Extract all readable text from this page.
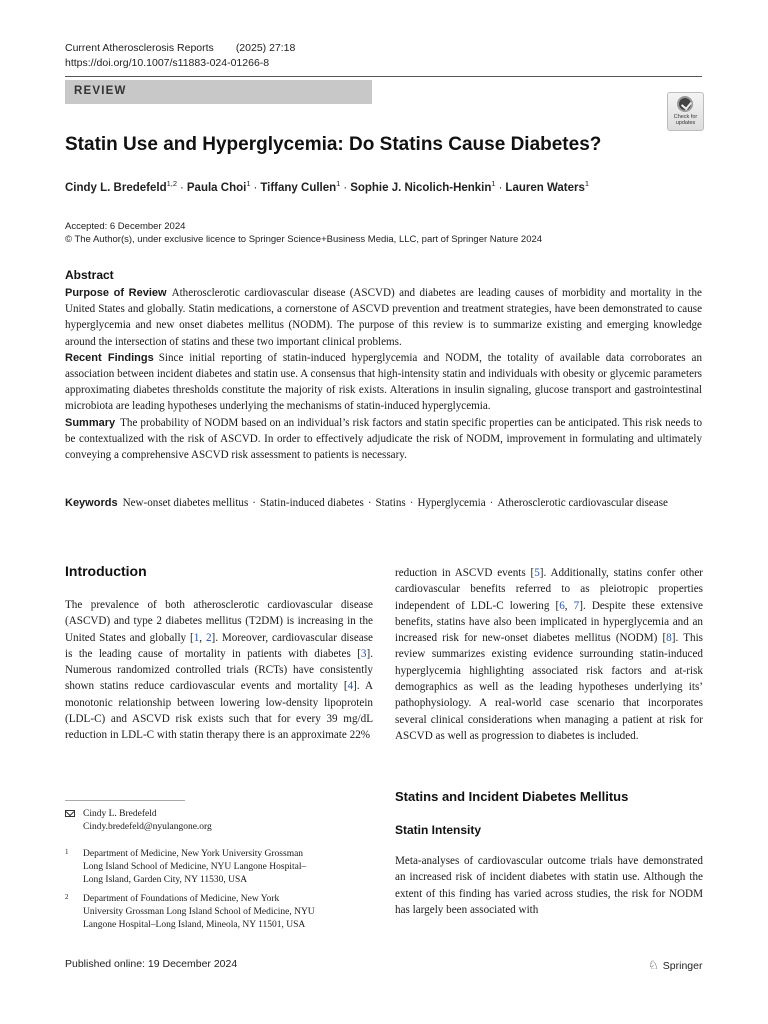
Current Atherosclerosis Reports (2025) 27:18
https://doi.org/10.1007/s11883-024-01266-8
REVIEW
Check for
updates
Statin Use and Hyperglycemia: Do Statins Cause Diabetes?
Cindy L. Bredefeld$^{1,2}$ · Paula Choi$^1$ · Tiffany Cullen$^1$ · Sophie J. Nicolich-Henkin$^1$ · Lauren Waters$^1$
Accepted: 6 December 2024
© The Author(s), under exclusive licence to Springer Science+Business Media, LLC, part of Springer Nature 2024
Abstract

Purpose of Review Atherosclerotic cardiovascular disease (ASCVD) and diabetes are leading causes of morbidity and mortality in the United States and globally. Statin medications, a cornerstone of ASCVD prevention and treatment strategies, have been demonstrated to cause hyperglycemia and new onset diabetes mellitus (NODM). The purpose of this review is to summarize existing and emerging knowledge around the intersection of statins and these two important clinical problems.

Recent Findings Since initial reporting of statin-induced hyperglycemia and NODM, the totality of available data corroborates an association between incident diabetes and statin use. A consensus that high-intensity statin and individuals with obesity or glycemic parameters approximating diabetes thresholds constitute the majority of risk exists. Alterations in insulin signaling, glucose transport and gastrointestinal microbiota are leading hypotheses underlying the mechanisms of statin-induced hyperglycemia.

Summary The probability of NODM based on an individual’s risk factors and statin specific properties can be anticipated. This risk needs to be contextualized with the risk of ASCVD. In order to effectively adjudicate the risk of NODM, improvement in formulating and ultimately conveying a comprehensive ASCVD risk assessment to patients is necessary.

Keywords New-onset diabetes mellitus · Statin-induced diabetes · Statins · Hyperglycemia · Atherosclerotic cardiovascular disease
Introduction

The prevalence of both atherosclerotic cardiovascular disease (ASCVD) and type 2 diabetes mellitus (T2DM) is increasing in the United States and globally [1, 2]. Moreover, cardiovascular disease is the leading cause of mortality in patients with diabetes [3]. Numerous randomized controlled trials (RCTs) have consistently shown statins reduce cardiovascular events and mortality [4]. A monotonic relationship between lowering low-density lipoprotein (LDL-C) and ASCVD risk exists such that for every 39 mg/dL reduction in LDL-C with statin therapy there is an approximate 22%

Cindy L. Bredefeld
Cindy.bredefeld@nyulangone.org
1 Department of Medicine, New York University Grossman
Long Island School of Medicine, NYU Langone Hospital–
Long Island, Garden City, NY 11530, USA
2 Department of Foundations of Medicine, New York
University Grossman Long Island School of Medicine, NYU
Langone Hospital–Long Island, Mineola, NY 11501, USA

reduction in ASCVD events [5]. Additionally, statins confer other cardiovascular benefits referred to as pleiotropic properties independent of LDL-C lowering [6, 7]. Despite these extensive benefits, statins have also been implicated in hyperglycemia and an increased risk for new-onset diabetes mellitus (NODM) [8]. This review summarizes existing evidence surrounding statin-induced hyperglycemia highlighting associated risk factors and at-risk demographics as well as the leading hypotheses underlying its’ pathophysiology. A real-world case scenario that incorporates several clinical considerations when managing a patient at risk for ASCVD as well as progression to diabetes is included.

Statins and Incident Diabetes Mellitus
Statin Intensity

Meta-analyses of cardiovascular outcome trials have demonstrated an increased risk of incident diabetes with statin use. Although the extent of this finding has varied across studies, the risk for NODM has largely been associated with

Published online: 19 December 2024	♘ Springer
